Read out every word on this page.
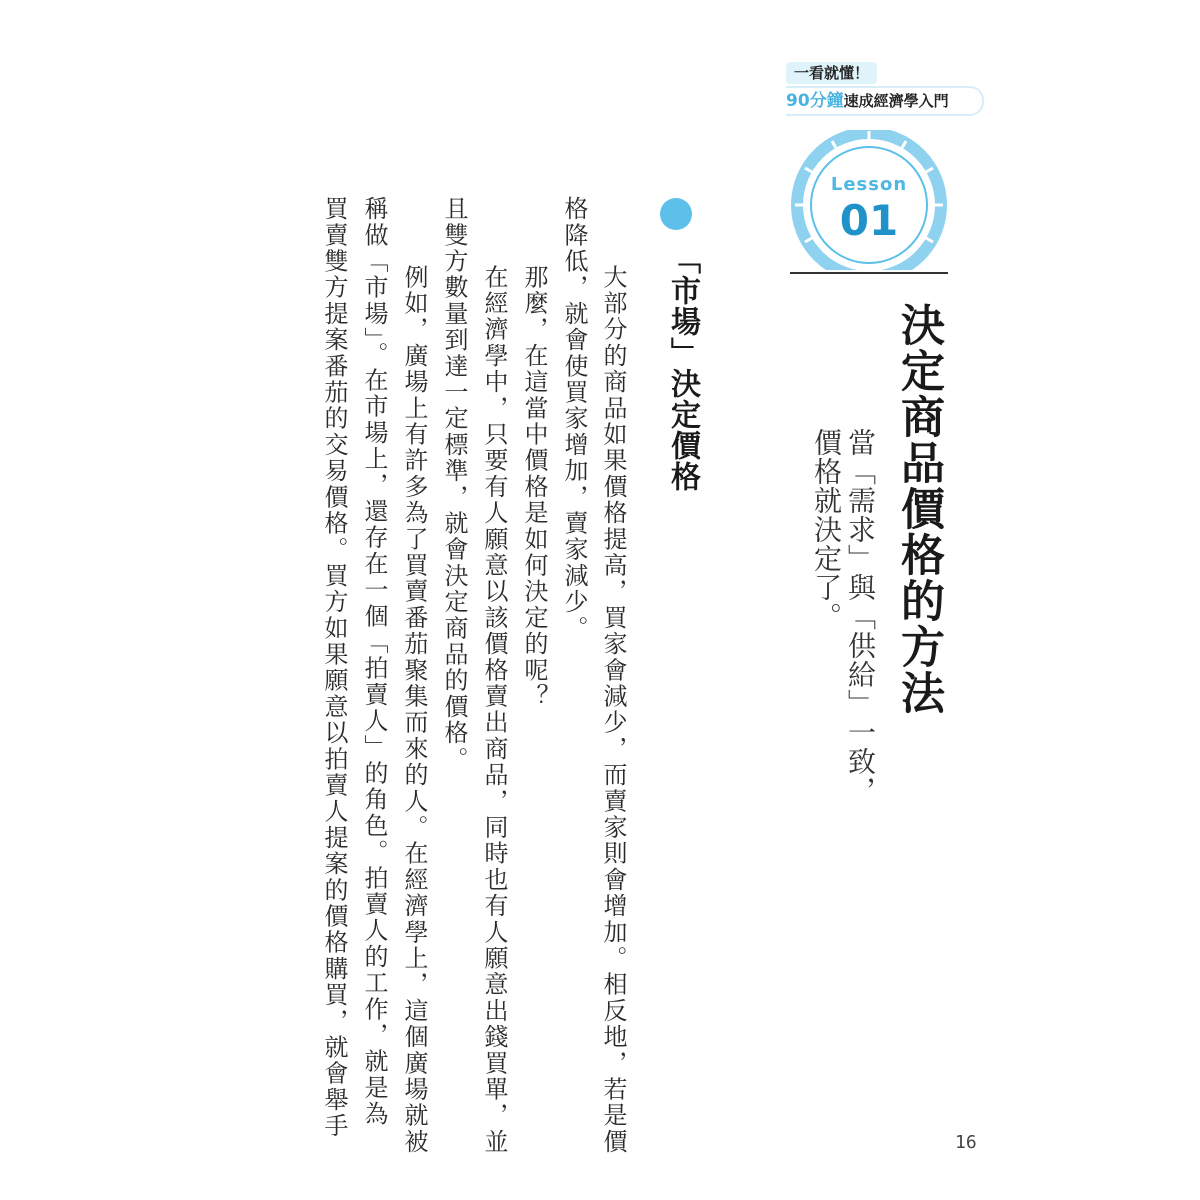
一看就懂！
90分鐘速成經濟學入門
Lesson
01
決定商品價格的方法
當「需求」與「供給」一致，
價格就決定了。
「市場」決定價格
　大部分的商品如果價格提高，買家會減少，而賣家則會增加。相反地，若是價
格降低，就會使買家增加，賣家減少。
　那麼，在這當中價格是如何決定的呢？
　在經濟學中，只要有人願意以該價格賣出商品，同時也有人願意出錢買單，並
且雙方數量到達一定標準，就會決定商品的價格。
　例如，廣場上有許多為了買賣番茄聚集而來的人。在經濟學上，這個廣場就被
稱做「市場」。在市場上，還存在一個「拍賣人」的角色。拍賣人的工作，就是為
買賣雙方提案番茄的交易價格。買方如果願意以拍賣人提案的價格購買，就會舉手
16
